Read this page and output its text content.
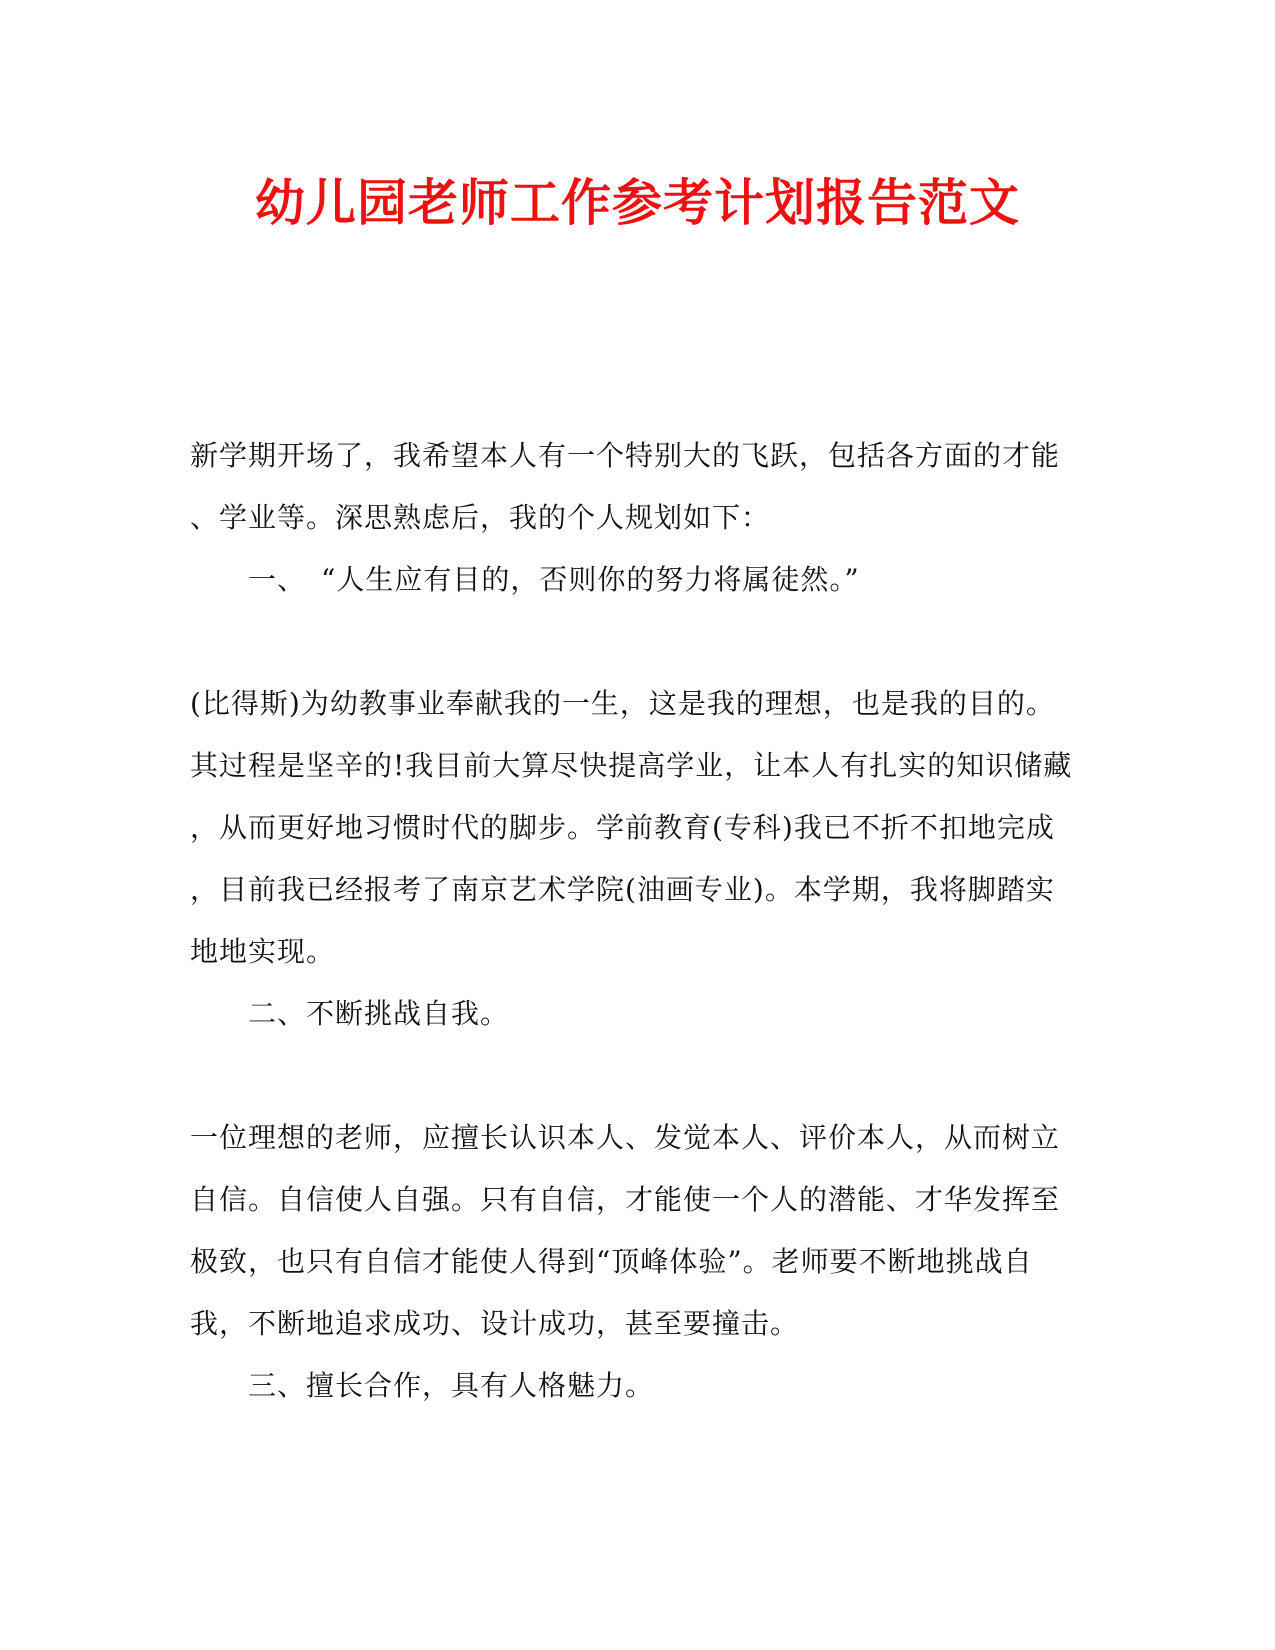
幼儿园老师工作参考计划报告范文

新学期开场了，我希望本人有一个特别大的飞跃，包括各方面的才能

、学业等。深思熟虑后，我的个人规划如下：

一、　“人生应有目的，否则你的努力将属徒然。”

(比得斯)为幼教事业奉献我的一生，这是我的理想，也是我的目的。

其过程是坚辛的!我目前大算尽快提高学业，让本人有扎实的知识储藏

，从而更好地习惯时代的脚步。学前教育(专科)我已不折不扣地完成

，目前我已经报考了南京艺术学院(油画专业)。本学期，我将脚踏实

地地实现。

二、不断挑战自我。

一位理想的老师，应擅长认识本人、发觉本人、评价本人，从而树立

自信。自信使人自强。只有自信，才能使一个人的潜能、才华发挥至

极致，也只有自信才能使人得到“顶峰体验”。老师要不断地挑战自

我，不断地追求成功、设计成功，甚至要撞击。

三、擅长合作，具有人格魅力。
